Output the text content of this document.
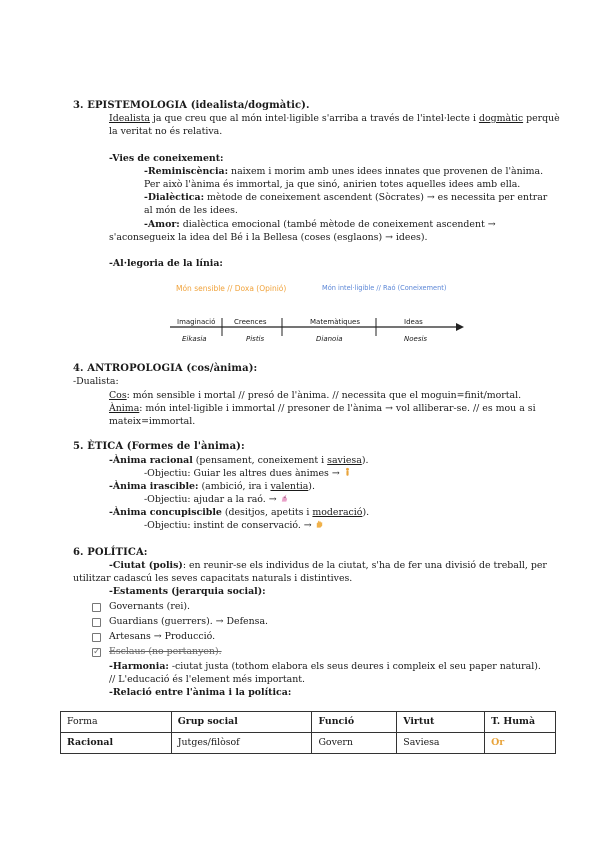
3. EPISTEMOLOGIA (idealista/dogmàtic).
Idealista ja que creu que al món intel·ligible s'arriba a través de l'intel·lecte i dogmàtic perquè
la veritat no és relativa.
-Vies de coneixement:
-Reminiscència: naixem i morim amb unes idees innates que provenen de l'ànima.
Per això l'ànima és immortal, ja que sinó, anirien totes aquelles idees amb ella.
-Dialèctica: mètode de coneixement ascendent (Sòcrates) → es necessita per entrar
al món de les idees.
-Amor: dialèctica emocional (també mètode de coneixement ascendent →
s'aconsegueix la idea del Bé i la Bellesa (coses (esglaons) → idees).
-Al·legoria de la línia:
Món sensible // Doxa (Opinió)	Món intel·ligible // Raó (Coneixement)
Imaginació	Creences	Matemàtiques	Ideas
Eikasia	Pistis	Dianoia	Noesis
4. ANTROPOLOGIA (cos/ànima):
-Dualista:
Cos: món sensible i mortal // presó de l'ànima. // necessita que el moguin=finit/mortal.
Ànima: món intel·ligible i immortal // presoner de l'ànima → vol alliberar-se. // es mou a si
mateix=immortal.
5. ÈTICA (Formes de l'ànima):
-Ànima racional (pensament, coneixement i saviesa).
-Objectiu: Guiar les altres dues ànimes →
-Ànima irascible: (ambició, ira i valentia).
-Objectiu: ajudar a la raó. →
-Ànima concupiscible (desitjos, apetits i moderació).
-Objectiu: instint de conservació. →
6. POLÍTICA:
-Ciutat (polis): en reunir-se els individus de la ciutat, s'ha de fer una divisió de treball, per
utilitzar cadascú les seves capacitats naturals i distintives.
-Estaments (jerarquia social):
Governants (rei).
Guardians (guerrers). → Defensa.
Artesans → Producció.
✓
Esclaus (no pertanyen).
-Harmonia: -ciutat justa (tothom elabora els seus deures i compleix el seu paper natural).
// L'educació és l'element més important.
-Relació entre l'ànima i la política:
Forma	Grup social	Funció	Virtut	T. Humà
Racional	Jutges/filòsof	Govern	Saviesa	Or
